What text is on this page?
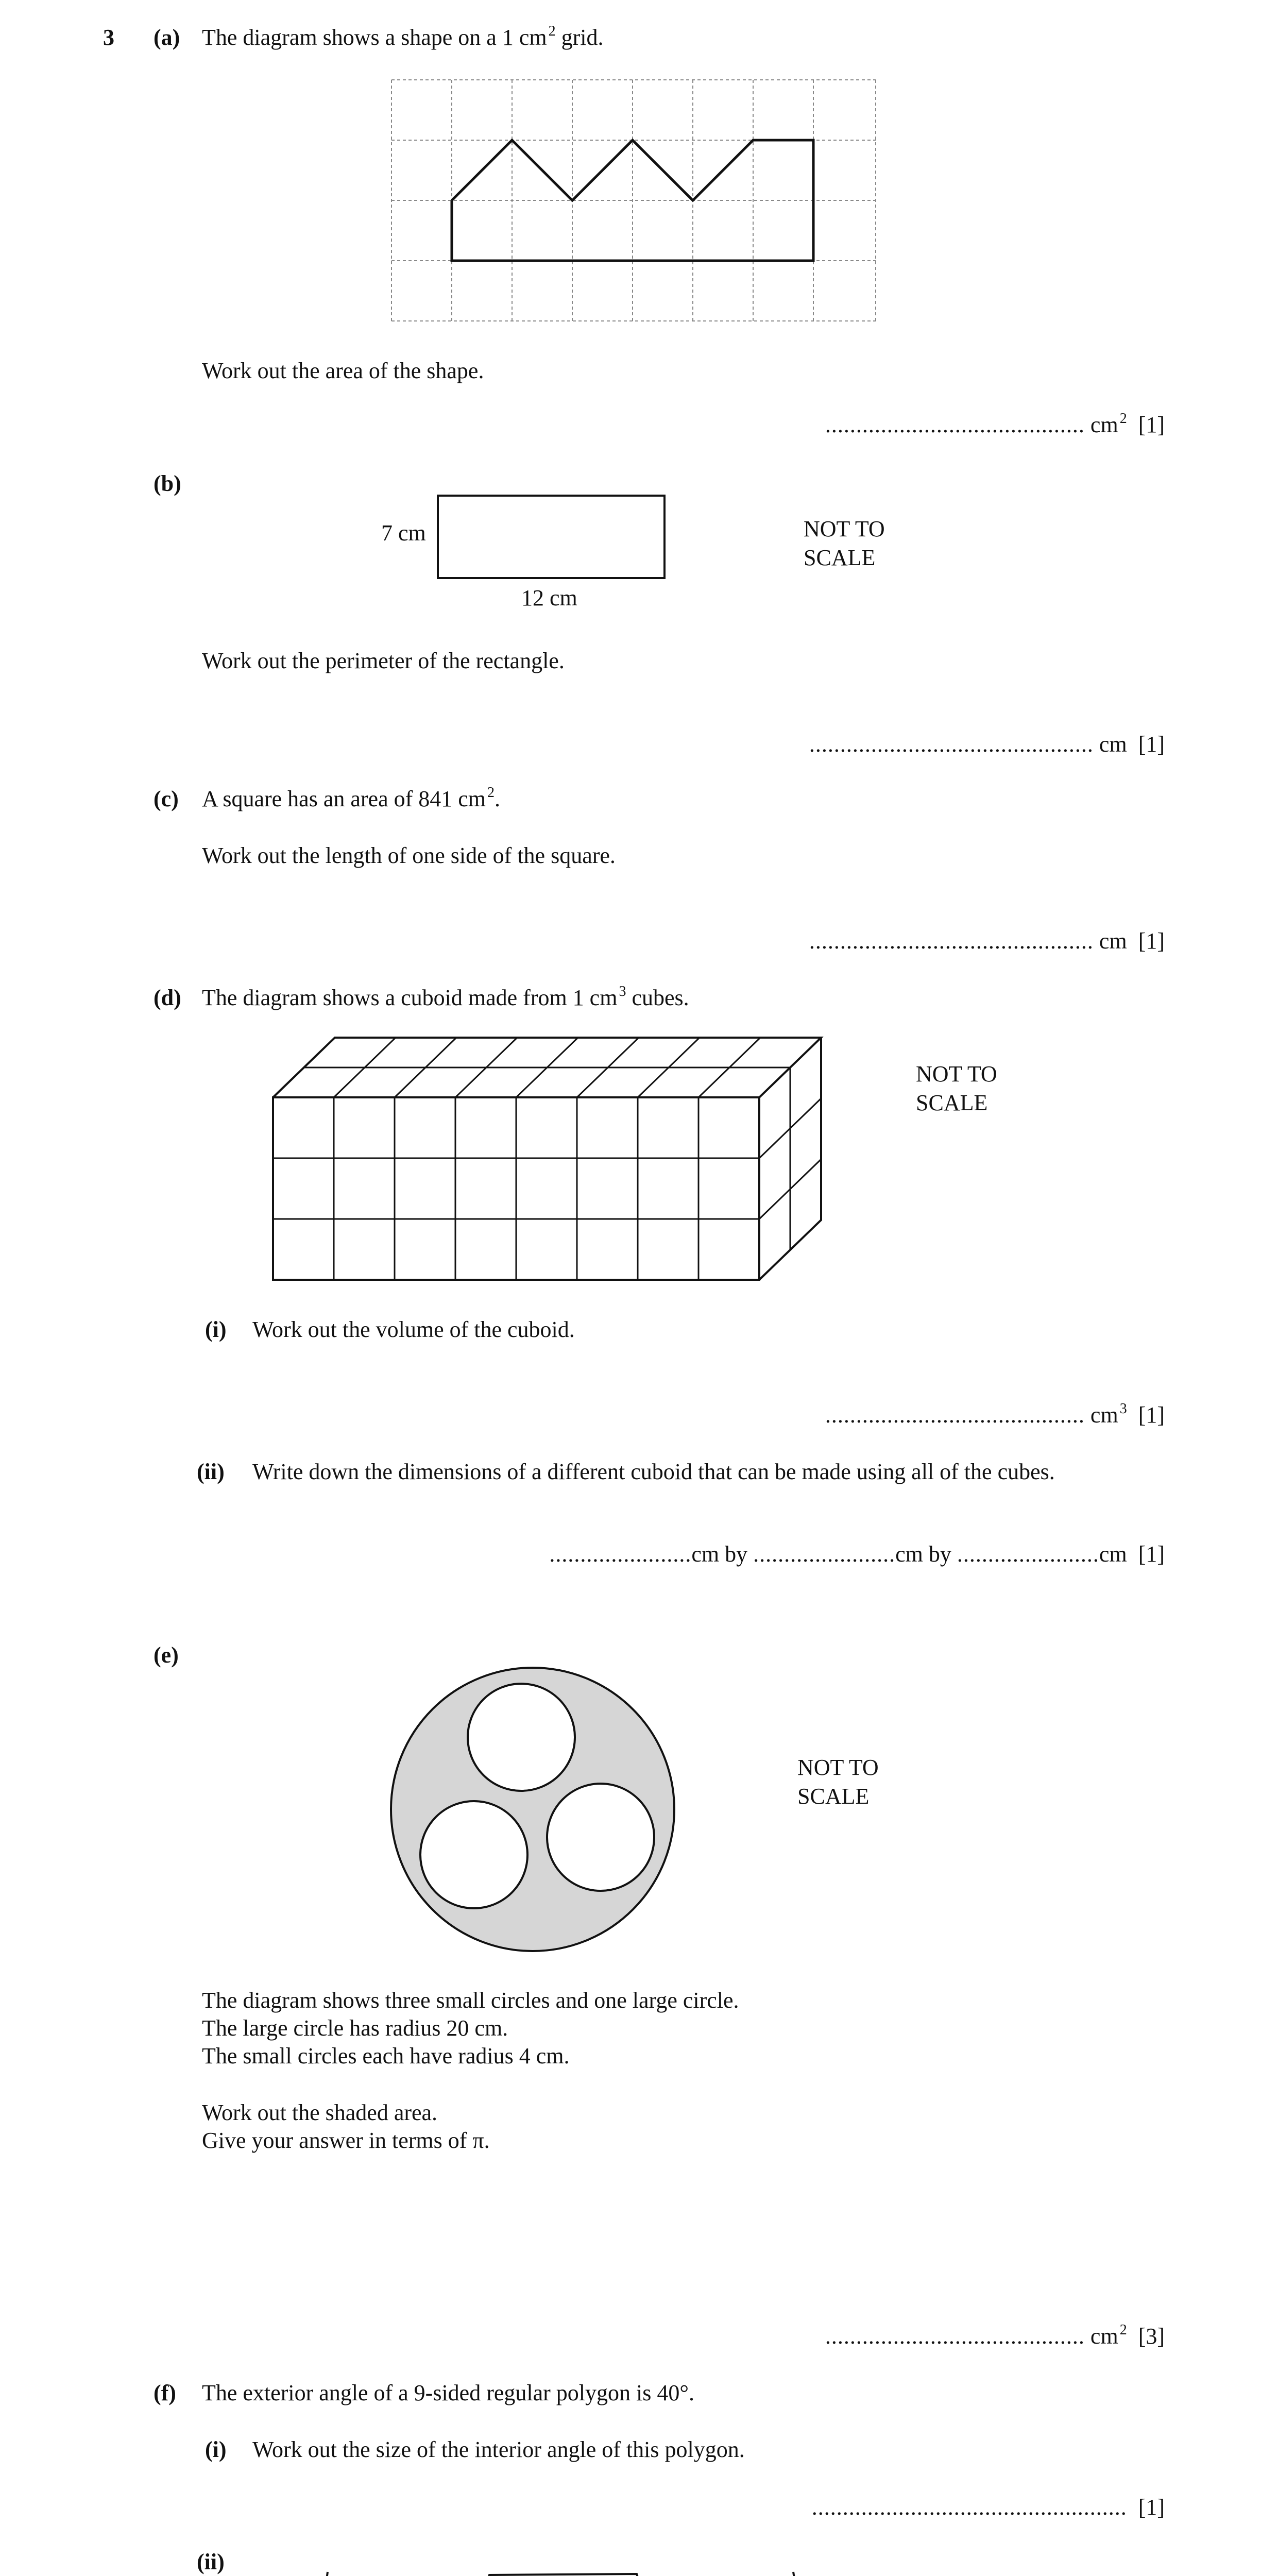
3 (a) The diagram shows a shape on a 1 cm $^2$ grid.
Work out the area of the shape.
.......................................... cm $^2$ [1]
(b)
7 cm
12 cm
NOT TO
SCALE
Work out the perimeter of the rectangle.
.............................................. cm [1]
(c) A square has an area of 841 cm $^2$.
Work out the length of one side of the square.
.............................................. cm [1]
(d) The diagram shows a cuboid made from 1 cm $^3$ cubes.
NOT TO
SCALE
(i) Work out the volume of the cuboid.
.......................................... cm $^3$ [1]
(ii) Write down the dimensions of a different cuboid that can be made using all of the cubes.
.......................cm by .......................cm by .......................cm [1]
(e)
NOT TO
SCALE
The diagram shows three small circles and one large circle.
The large circle has radius 20 cm.
The small circles each have radius 4 cm.
Work out the shaded area.
Give your answer in terms of π.
.......................................... cm $^2$ [3]
(f) The exterior angle of a 9-sided regular polygon is 40°.
(i) Work out the size of the interior angle of this polygon.
................................................... [1]
(ii)
